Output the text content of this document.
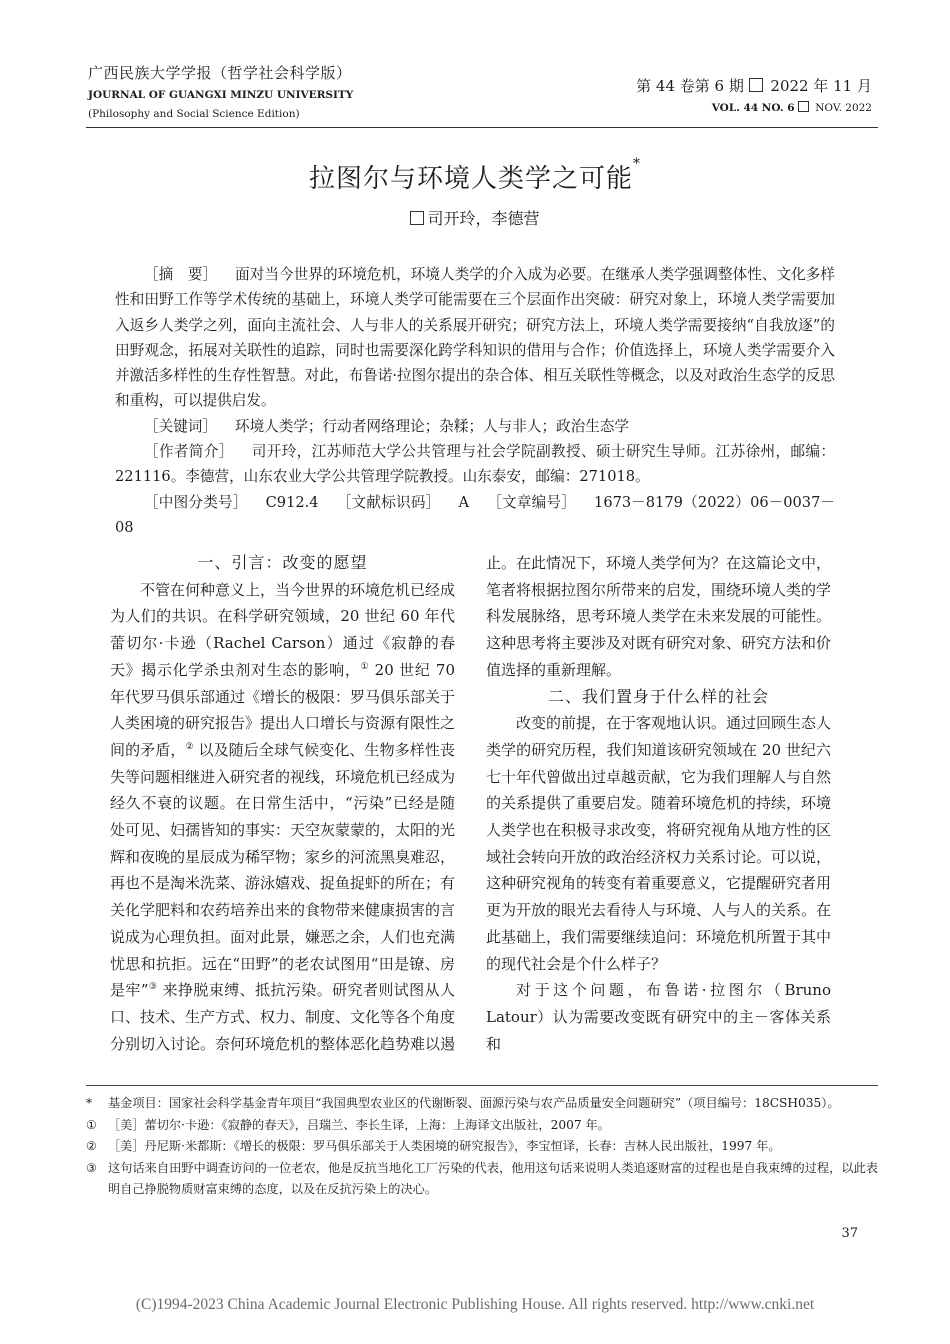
广西民族大学学报（哲学社会科学版）
JOURNAL OF GUANGXI MINZU UNIVERSITY
(Philosophy and Social Science Edition)
第 44 卷第 6 期 2022 年 11 月
VOL. 44 NO. 6 NOV. 2022
拉图尔与环境人类学之可能*
司开玲，李德营

［摘　要］ 面对当今世界的环境危机，环境人类学的介入成为必要。在继承人类学强调整体性、文化多样性和田野工作等学术传统的基础上，环境人类学可能需要在三个层面作出突破：研究对象上，环境人类学需要加入返乡人类学之列，面向主流社会、人与非人的关系展开研究；研究方法上，环境人类学需要接纳“自我放逐”的田野观念，拓展对关联性的追踪，同时也需要深化跨学科知识的借用与合作；价值选择上，环境人类学需要介入并激活多样性的生存性智慧。对此，布鲁诺·拉图尔提出的杂合体、相互关联性等概念，以及对政治生态学的反思和重构，可以提供启发。

［关键词］ 环境人类学；行动者网络理论；杂糅；人与非人；政治生态学

［作者简介］ 司开玲，江苏师范大学公共管理与社会学院副教授、硕士研究生导师。江苏徐州，邮编：221116。李德营，山东农业大学公共管理学院教授。山东泰安，邮编：271018。

［中图分类号］ C912.4 ［文献标识码］ A ［文章编号］ 1673－8179（2022）06－0037－08

一、引言：改变的愿望

不管在何种意义上，当今世界的环境危机已经成为人们的共识。在科学研究领域，20 世纪 60 年代蕾切尔·卡逊（Rachel Carson）通过《寂静的春天》揭示化学杀虫剂对生态的影响，① 20 世纪 70 年代罗马俱乐部通过《增长的极限：罗马俱乐部关于人类困境的研究报告》提出人口增长与资源有限性之间的矛盾，② 以及随后全球气候变化、生物多样性丧失等问题相继进入研究者的视线，环境危机已经成为经久不衰的议题。在日常生活中，“污染”已经是随处可见、妇孺皆知的事实：天空灰蒙蒙的，太阳的光辉和夜晚的星辰成为稀罕物；家乡的河流黑臭难忍，再也不是淘米洗菜、游泳嬉戏、捉鱼捉虾的所在；有关化学肥料和农药培养出来的食物带来健康损害的言说成为心理负担。面对此景，嫌恶之余，人们也充满忧思和抗拒。远在“田野”的老农试图用“田是镣、房是牢”③ 来挣脱束缚、抵抗污染。研究者则试图从人口、技术、生产方式、权力、制度、文化等各个角度分别切入讨论。奈何环境危机的整体恶化趋势难以遏

止。在此情况下，环境人类学何为？在这篇论文中，笔者将根据拉图尔所带来的启发，围绕环境人类的学科发展脉络，思考环境人类学在未来发展的可能性。这种思考将主要涉及对既有研究对象、研究方法和价值选择的重新理解。

二、我们置身于什么样的社会

改变的前提，在于客观地认识。通过回顾生态人类学的研究历程，我们知道该研究领域在 20 世纪六七十年代曾做出过卓越贡献，它为我们理解人与自然的关系提供了重要启发。随着环境危机的持续，环境人类学也在积极寻求改变，将研究视角从地方性的区域社会转向开放的政治经济权力关系讨论。可以说，这种研究视角的转变有着重要意义，它提醒研究者用更为开放的眼光去看待人与环境、人与人的关系。在此基础上，我们需要继续追问：环境危机所置于其中的现代社会是个什么样子？

对于这个问题，布鲁诺·拉图尔（Bruno Latour）认为需要改变既有研究中的主－客体关系和

* 基金项目：国家社会科学基金青年项目“我国典型农业区的代谢断裂、面源污染与农产品质量安全问题研究”（项目编号：18CSH035）。
① ［美］蕾切尔·卡逊：《寂静的春天》，吕瑞兰、李长生译，上海：上海译文出版社，2007 年。
② ［美］丹尼斯·米都斯：《增长的极限：罗马俱乐部关于人类困境的研究报告》，李宝恒译，长春：吉林人民出版社，1997 年。
③ 这句话来自田野中调查访问的一位老农，他是反抗当地化工厂污染的代表，他用这句话来说明人类追逐财富的过程也是自我束缚的过程，以此表明自己挣脱物质财富束缚的态度，以及在反抗污染上的决心。
37
(C)1994-2023 China Academic Journal Electronic Publishing House. All rights reserved. http://www.cnki.net
